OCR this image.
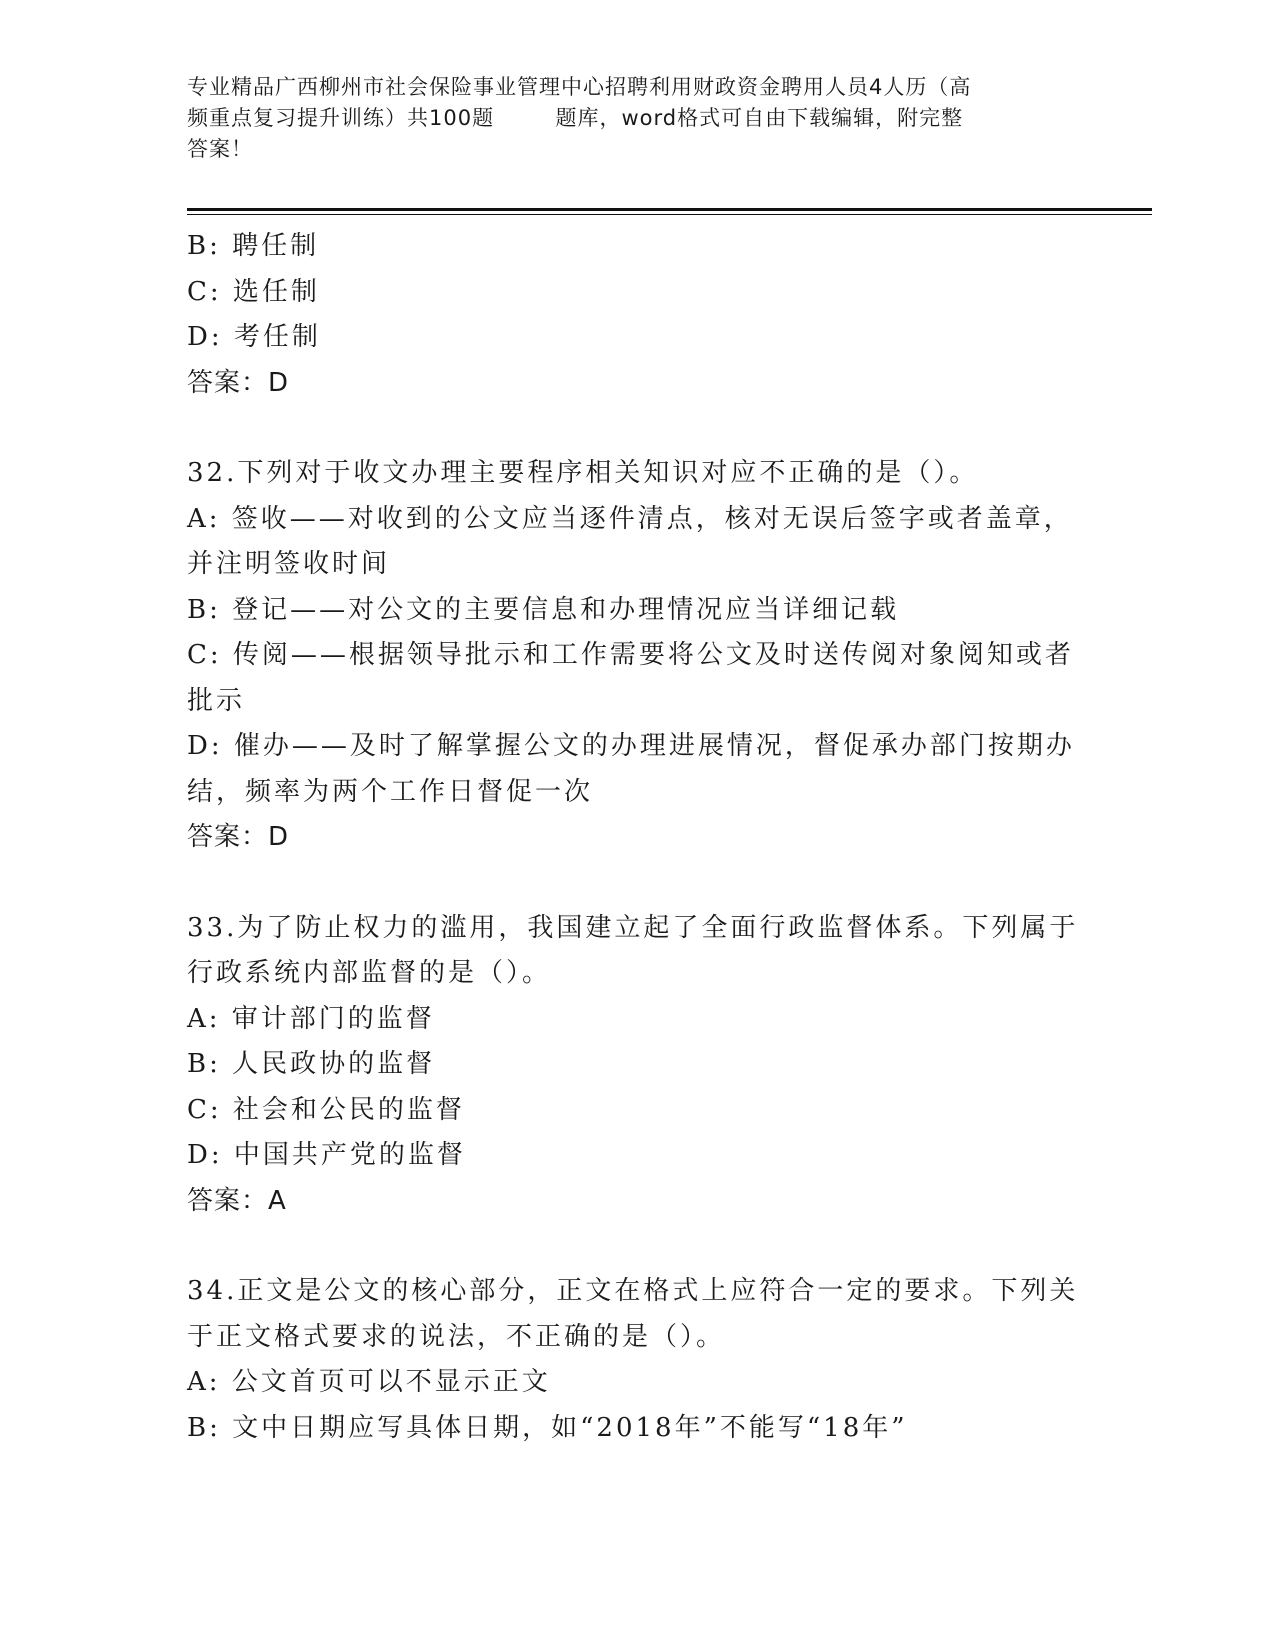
专业精品广西柳州市社会保险事业管理中心招聘利用财政资金聘用人员4人历（高
频重点复习提升训练）共100题        题库，word格式可自由下载编辑，附完整
答案！
B: 聘任制
C: 选任制
D: 考任制
答案：D
32.下列对于收文办理主要程序相关知识对应不正确的是（）。
A: 签收——对收到的公文应当逐件清点，核对无误后签字或者盖章，
并注明签收时间
B: 登记——对公文的主要信息和办理情况应当详细记载
C: 传阅——根据领导批示和工作需要将公文及时送传阅对象阅知或者
批示
D: 催办——及时了解掌握公文的办理进展情况，督促承办部门按期办
结，频率为两个工作日督促一次
答案：D
33.为了防止权力的滥用，我国建立起了全面行政监督体系。下列属于
行政系统内部监督的是（）。
A: 审计部门的监督
B: 人民政协的监督
C: 社会和公民的监督
D: 中国共产党的监督
答案：A
34.正文是公文的核心部分，正文在格式上应符合一定的要求。下列关
于正文格式要求的说法，不正确的是（）。
A: 公文首页可以不显示正文
B: 文中日期应写具体日期，如“2018年”不能写“18年”
